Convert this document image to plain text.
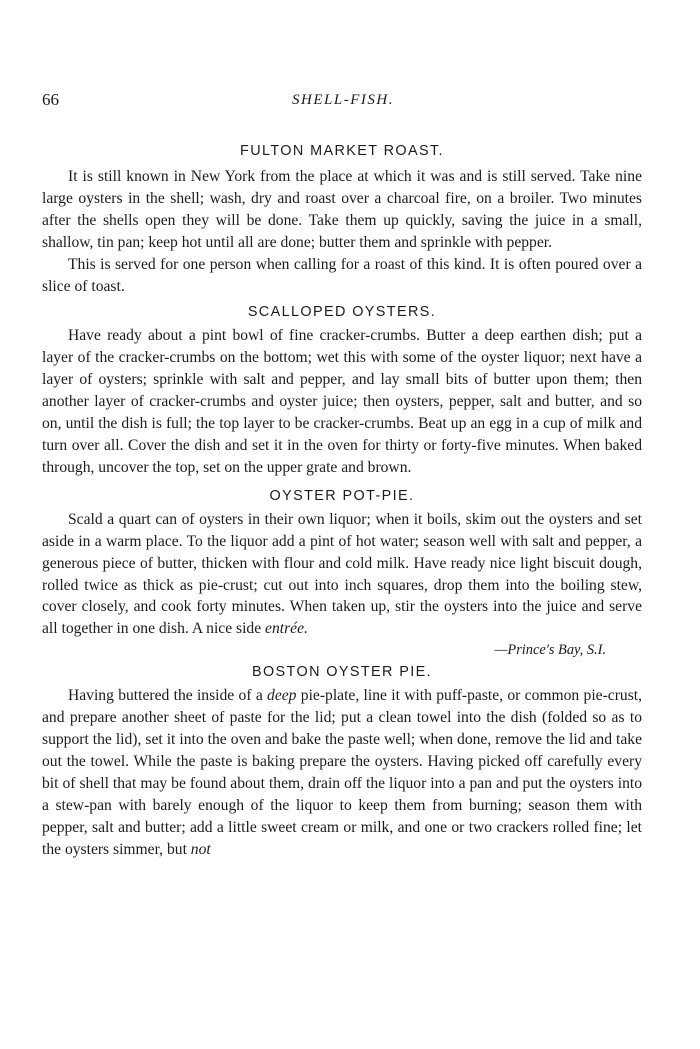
66	SHELL-FISH.
FULTON MARKET ROAST.

It is still known in New York from the place at which it was and is still served. Take nine large oysters in the shell; wash, dry and roast over a charcoal fire, on a broiler. Two minutes after the shells open they will be done. Take them up quickly, saving the juice in a small, shallow, tin pan; keep hot until all are done; butter them and sprinkle with pepper.

This is served for one person when calling for a roast of this kind. It is often poured over a slice of toast.

SCALLOPED OYSTERS.

Have ready about a pint bowl of fine cracker-crumbs. Butter a deep earthen dish; put a layer of the cracker-crumbs on the bottom; wet this with some of the oyster liquor; next have a layer of oysters; sprinkle with salt and pepper, and lay small bits of butter upon them; then another layer of cracker-crumbs and oyster juice; then oysters, pepper, salt and butter, and so on, until the dish is full; the top layer to be cracker-crumbs. Beat up an egg in a cup of milk and turn over all. Cover the dish and set it in the oven for thirty or forty-five minutes. When baked through, uncover the top, set on the upper grate and brown.

OYSTER POT-PIE.

Scald a quart can of oysters in their own liquor; when it boils, skim out the oysters and set aside in a warm place. To the liquor add a pint of hot water; season well with salt and pepper, a generous piece of butter, thicken with flour and cold milk. Have ready nice light biscuit dough, rolled twice as thick as pie-crust; cut out into inch squares, drop them into the boiling stew, cover closely, and cook forty minutes. When taken up, stir the oysters into the juice and serve all together in one dish. A nice side entrée.

—Prince's Bay, S.I.
BOSTON OYSTER PIE.

Having buttered the inside of a deep pie-plate, line it with puff-paste, or common pie-crust, and prepare another sheet of paste for the lid; put a clean towel into the dish (folded so as to support the lid), set it into the oven and bake the paste well; when done, remove the lid and take out the towel. While the paste is baking prepare the oysters. Having picked off carefully every bit of shell that may be found about them, drain off the liquor into a pan and put the oysters into a stew-pan with barely enough of the liquor to keep them from burning; season them with pepper, salt and butter; add a little sweet cream or milk, and one or two crackers rolled fine; let the oysters simmer, but not
